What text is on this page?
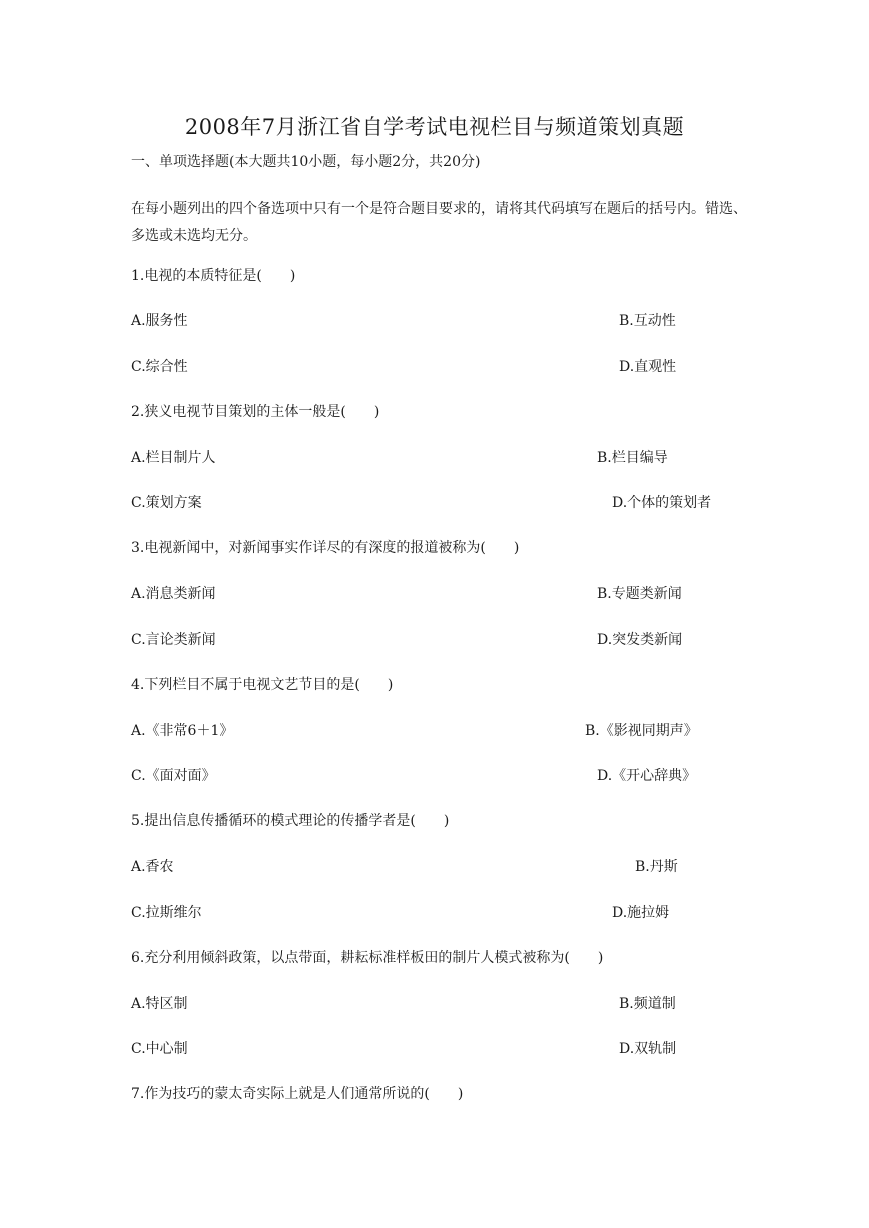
2008年7月浙江省自学考试电视栏目与频道策划真题
一、单项选择题(本大题共10小题，每小题2分，共20分)
在每小题列出的四个备选项中只有一个是符合题目要求的，请将其代码填写在题后的括号内。错选、多选或未选均无分。
1.电视的本质特征是(　　)
A.服务性	B.互动性
C.综合性	D.直观性
2.狭义电视节目策划的主体一般是(　　)
A.栏目制片人	B.栏目编导
C.策划方案	D.个体的策划者
3.电视新闻中，对新闻事实作详尽的有深度的报道被称为(　　)
A.消息类新闻	B.专题类新闻
C.言论类新闻	D.突发类新闻
4.下列栏目不属于电视文艺节目的是(　　)
A.《非常6＋1》	B.《影视同期声》
C.《面对面》	D.《开心辞典》
5.提出信息传播循环的模式理论的传播学者是(　　)
A.香农	B.丹斯
C.拉斯维尔	D.施拉姆
6.充分利用倾斜政策，以点带面，耕耘标准样板田的制片人模式被称为(　　)
A.特区制	B.频道制
C.中心制	D.双轨制
7.作为技巧的蒙太奇实际上就是人们通常所说的(　　)
